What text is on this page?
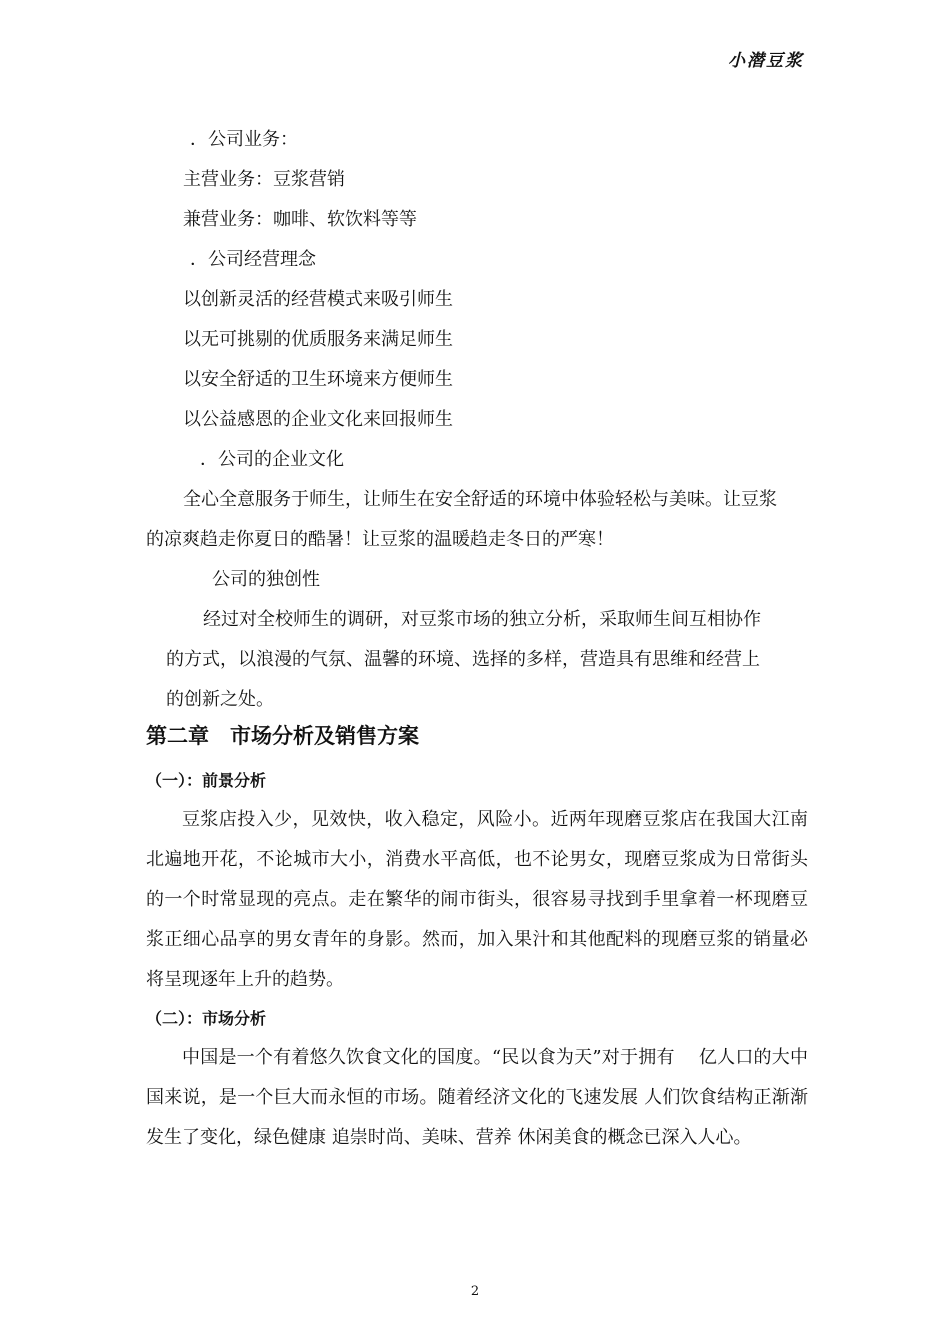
小潜豆浆
．公司业务：
主营业务：豆浆营销
兼营业务：咖啡、软饮料等等
．公司经营理念
以创新灵活的经营模式来吸引师生
以无可挑剔的优质服务来满足师生
以安全舒适的卫生环境来方便师生
以公益感恩的企业文化来回报师生
．公司的企业文化
全心全意服务于师生，让师生在安全舒适的环境中体验轻松与美味。让豆浆
的凉爽趋走你夏日的酷暑！让豆浆的温暖趋走冬日的严寒！
公司的独创性
经过对全校师生的调研，对豆浆市场的独立分析，采取师生间互相协作
的方式，以浪漫的气氛、温馨的环境、选择的多样，营造具有思维和经营上
的创新之处。
第二章　市场分析及销售方案
（一）：前景分析
豆浆店投入少，见效快，收入稳定，风险小。近两年现磨豆浆店在我国大江南北遍地开花，不论城市大小，消费水平高低，也不论男女，现磨豆浆成为日常街头的一个时常显现的亮点。走在繁华的闹市街头，很容易寻找到手里拿着一杯现磨豆浆正细心品享的男女青年的身影。然而，加入果汁和其他配料的现磨豆浆的销量必将呈现逐年上升的趋势。
（二）：市场分析
中国是一个有着悠久饮食文化的国度。“民以食为天”对于拥有　 亿人口的大中国来说，是一个巨大而永恒的市场。随着经济文化的飞速发展 人们饮食结构正渐渐发生了变化，绿色健康 追崇时尚、美味、营养 休闲美食的概念已深入人心。
2
